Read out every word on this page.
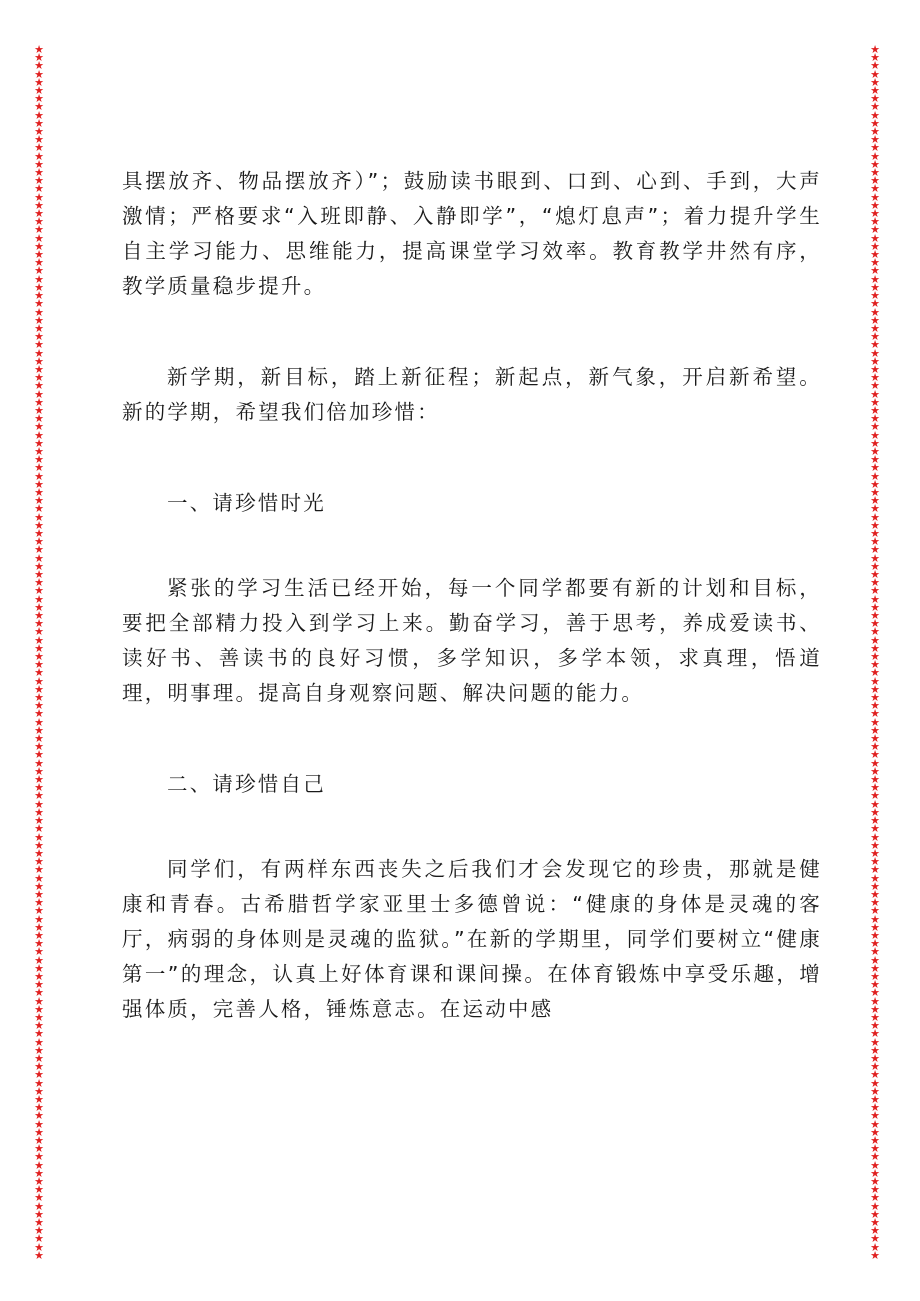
★
★
★
★
★
★
★
★
★
★
★
★
★
★
★
★
★
★
★
★
★
★
★
★
★
★
★
★
★
★
★
★
★
★
★
★
★
★
★
★
★
★
★
★
★
★
★
★
★
★
★
★
★
★
★
★
★
★
★
★
★
★
★
★
★
★
★
★
★
★
★
★
★
★
★
★
★
★
★
★
★
★
★
★
★
★
★
★
★
★
★
★
★
★
★
★
★
★
★
★
★
★
★
★
★
★
★
★
★
★
★
★
★
★
★
★
★
★
★
★
★
★
★
★
★
★
★
★
★
★
★
★
★
★
★
★
★
★
★
★
★
★
★
★
★
★
★
★
★
★
★
★
★
★
★
★
★
★
★
★
★
★
★
★
★
★
★
★
★
★
★
★
★
★
★
★
★
★
★
★
★
★
★
★
★
★
★
★
★
★
★
★
★
★
★
★
★
★
★
★
★
★
★
★
★
★
★
★
★
★
★
★
★
★
★
★
★
★
★
★
★
★
★
★
★
★
★
★
★
★
★
★
★
★
★
★
★
★
★
★
★
★
★
★
★
★
★
★
★
★
★
★
★
★
★
★
★
★
★
★
★
★
★
★
★
★
★
★
★
★
★
★
★
★
★
★
★
★
★
★
★
★
★
★
★
★
★
★
★
★
★
★
★
★
★
★

具摆放齐、物品摆放齐）”；鼓励读书眼到、口到、心到、手到，大声激情；严格要求“入班即静、入静即学”，“熄灯息声”；着力提升学生自主学习能力、思维能力，提高课堂学习效率。教育教学井然有序，教学质量稳步提升。

新学期，新目标，踏上新征程；新起点，新气象，开启新希望。新的学期，希望我们倍加珍惜：

一、请珍惜时光

紧张的学习生活已经开始，每一个同学都要有新的计划和目标，要把全部精力投入到学习上来。勤奋学习，善于思考，养成爱读书、读好书、善读书的良好习惯，多学知识，多学本领，求真理，悟道理，明事理。提高自身观察问题、解决问题的能力。

二、请珍惜自己

同学们，有两样东西丧失之后我们才会发现它的珍贵，那就是健康和青春。古希腊哲学家亚里士多德曾说：“健康的身体是灵魂的客厅，病弱的身体则是灵魂的监狱。”在新的学期里，同学们要树立“健康第一”的理念，认真上好体育课和课间操。在体育锻炼中享受乐趣，增强体质，完善人格，锤炼意志。在运动中感
